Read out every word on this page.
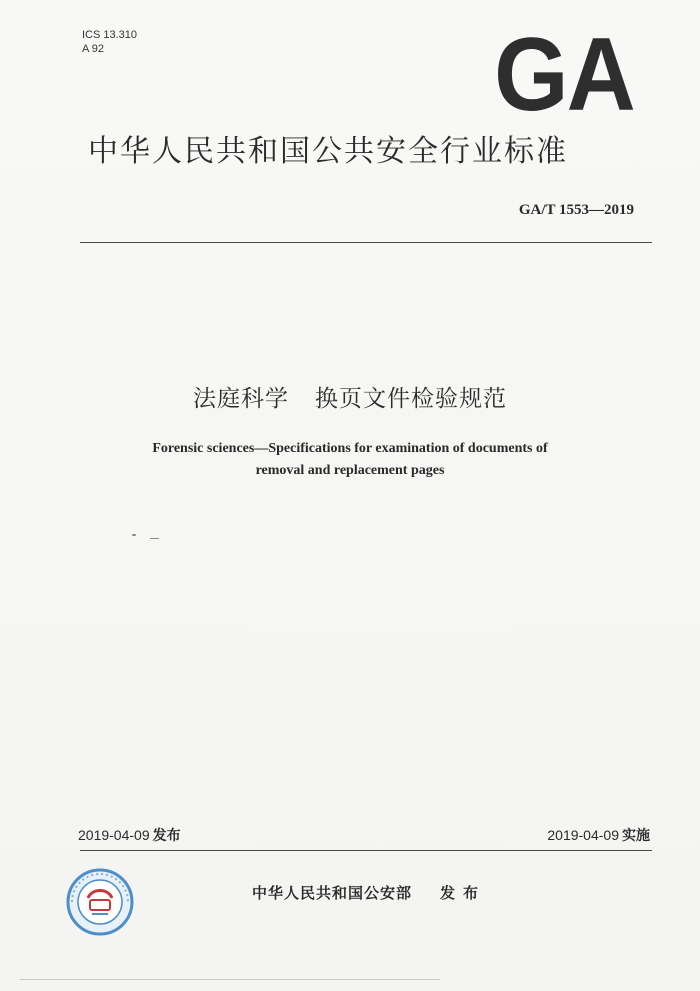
ICS 13.310
A 92	GA
中华人民共和国公共安全行业标准
GA/T 1553—2019
法庭科学 换页文件检验规范
Forensic sciences—Specifications for examination of documents of
removal and replacement pages
2019-04-09 发布	2019-04-09 实施
中华人民共和国公安部 发布
